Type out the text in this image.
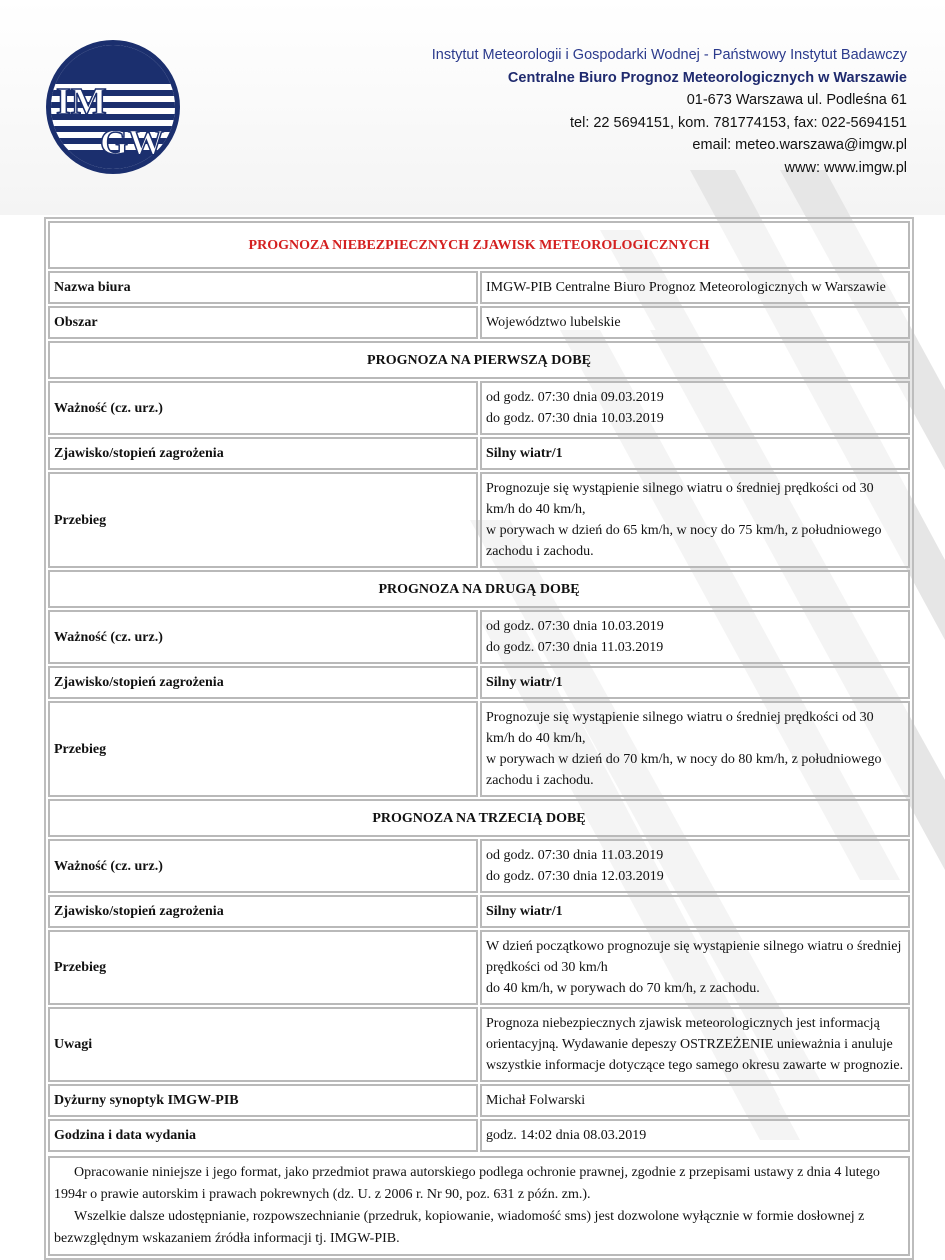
IM
GW
Instytut Meteorologii i Gospodarki Wodnej - Państwowy Instytut Badawczy
Centralne Biuro Prognoz Meteorologicznych w Warszawie
01-673 Warszawa ul. Podleśna 61
tel: 22 5694151, kom. 781774153, fax: 022-5694151
email: meteo.warszawa@imgw.pl
www: www.imgw.pl
PROGNOZA NIEBEZPIECZNYCH ZJAWISK METEOROLOGICZNYCH	
Nazwa biura	IMGW-PIB Centralne Biuro Prognoz Meteorologicznych w Warszawie
Obszar	Województwo lubelskie
PROGNOZA NA PIERWSZĄ DOBĘ	
Ważność (cz. urz.)	od godz. 07:30 dnia 09.03.2019
do godz. 07:30 dnia 10.03.2019

Zjawisko/stopień zagrożenia	Silny wiatr/1
Przebieg	Prognozuje się wystąpienie silnego wiatru o średniej prędkości od 30 km/h do 40 km/h,
w porywach w dzień do 65 km/h, w nocy do 75 km/h, z południowego zachodu i zachodu.

PROGNOZA NA DRUGĄ DOBĘ	
Ważność (cz. urz.)	od godz. 07:30 dnia 10.03.2019
do godz. 07:30 dnia 11.03.2019

Zjawisko/stopień zagrożenia	Silny wiatr/1
Przebieg	Prognozuje się wystąpienie silnego wiatru o średniej prędkości od 30 km/h do 40 km/h,
w porywach w dzień do 70 km/h, w nocy do 80 km/h, z południowego zachodu i zachodu.

PROGNOZA NA TRZECIĄ DOBĘ	
Ważność (cz. urz.)	od godz. 07:30 dnia 11.03.2019
do godz. 07:30 dnia 12.03.2019

Zjawisko/stopień zagrożenia	Silny wiatr/1
Przebieg	W dzień początkowo prognozuje się wystąpienie silnego wiatru o średniej prędkości od 30 km/h
do 40 km/h, w porywach do 70 km/h, z zachodu.

Uwagi	Prognoza niebezpiecznych zjawisk meteorologicznych jest informacją orientacyjną. Wydawanie depeszy OSTRZEŻENIE unieważnia i anuluje wszystkie informacje dotyczące tego samego okresu zawarte w prognozie.
Dyżurny synoptyk IMGW-PIB	Michał Folwarski
Godzina i data wydania	godz. 14:02 dnia 08.03.2019

Opracowanie niniejsze i jego format, jako przedmiot prawa autorskiego podlega ochronie prawnej, zgodnie z przepisami ustawy z dnia 4 lutego 1994r o prawie autorskim i prawach pokrewnych (dz. U. z 2006 r. Nr 90, poz. 631 z późn. zm.).

Wszelkie dalsze udostępnianie, rozpowszechnianie (przedruk, kopiowanie, wiadomość sms) jest dozwolone wyłącznie w formie dosłownej z bezwzględnym wskazaniem źródła informacji tj. IMGW-PIB.
